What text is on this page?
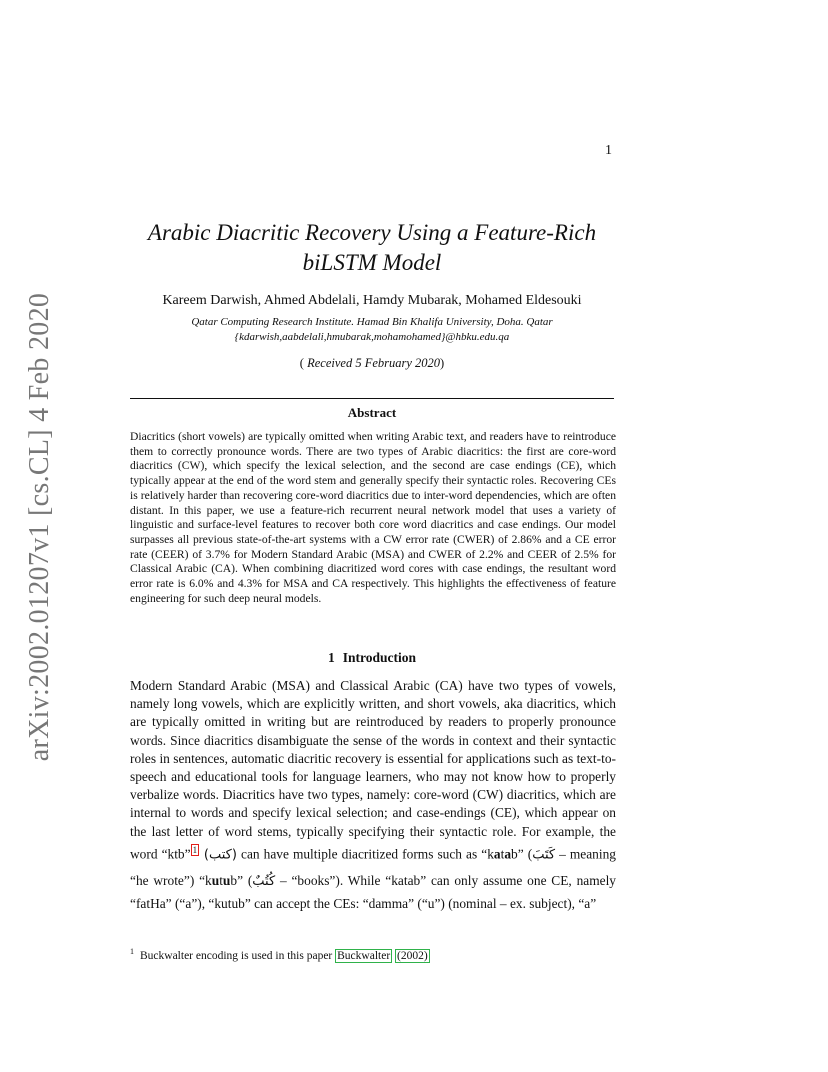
arXiv:2002.01207v1 [cs.CL] 4 Feb 2020
1
Arabic Diacritic Recovery Using a Feature-Rich
biLSTM Model
Kareem Darwish, Ahmed Abdelali, Hamdy Mubarak, Mohamed Eldesouki
Qatar Computing Research Institute. Hamad Bin Khalifa University, Doha. Qatar
{kdarwish,aabdelali,hmubarak,mohamohamed}@hbku.edu.qa
( Received 5 February 2020)
Abstract
Diacritics (short vowels) are typically omitted when writing Arabic text, and readers have to reintroduce them to correctly pronounce words. There are two types of Arabic diacritics: the first are core-word diacritics (CW), which specify the lexical selection, and the second are case endings (CE), which typically appear at the end of the word stem and generally specify their syntactic roles. Recovering CEs is relatively harder than recovering core-word diacritics due to inter-word dependencies, which are often distant. In this paper, we use a feature-rich recurrent neural network model that uses a variety of linguistic and surface-level features to recover both core word diacritics and case endings. Our model surpasses all previous state-of-the-art systems with a CW error rate (CWER) of 2.86% and a CE error rate (CEER) of 3.7% for Modern Standard Arabic (MSA) and CWER of 2.2% and CEER of 2.5% for Classical Arabic (CA). When combining diacritized word cores with case endings, the resultant word error rate is 6.0% and 4.3% for MSA and CA respectively. This highlights the effectiveness of feature engineering for such deep neural models.
1 Introduction
Modern Standard Arabic (MSA) and Classical Arabic (CA) have two types of vowels, namely long vowels, which are explicitly written, and short vowels, aka diacritics, which are typically omitted in writing but are reintroduced by readers to properly pronounce words. Since diacritics disambiguate the sense of the words in context and their syntactic roles in sentences, automatic diacritic recovery is essential for applications such as text-to-speech and educational tools for language learners, who may not know how to properly verbalize words. Diacritics have two types, namely: core-word (CW) diacritics, which are internal to words and specify lexical selection; and case-endings (CE), which appear on the last letter of word stems, typically specifying their syntactic role. For example, the word “ktb” $^1$ (كتب) can have multiple diacritized forms such as “katab” (كَتَبَ – meaning “he wrote”) “kutub” (كُتُبٌ – “books”). While “katab” can only assume one CE, namely “fatHa” (“a”), “kutub” can accept the CEs: “damma” (“u”) (nominal – ex. subject), “a”
$^1$ Buckwalter encoding is used in this paper Buckwalter (2002)
